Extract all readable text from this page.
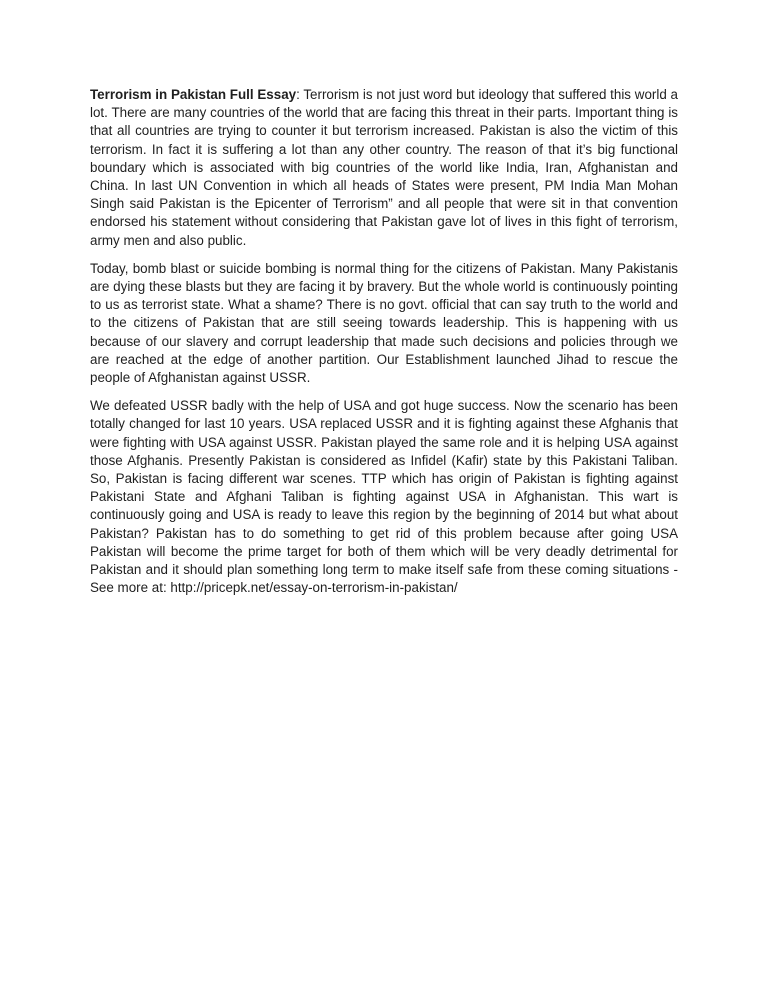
Terrorism in Pakistan Full Essay: Terrorism is not just word but ideology that suffered this world a lot. There are many countries of the world that are facing this threat in their parts. Important thing is that all countries are trying to counter it but terrorism increased. Pakistan is also the victim of this terrorism. In fact it is suffering a lot than any other country. The reason of that it’s big functional boundary which is associated with big countries of the world like India, Iran, Afghanistan and China. In last UN Convention in which all heads of States were present, PM India Man Mohan Singh said Pakistan is the Epicenter of Terrorism” and all people that were sit in that convention endorsed his statement without considering that Pakistan gave lot of lives in this fight of terrorism, army men and also public.

Today, bomb blast or suicide bombing is normal thing for the citizens of Pakistan. Many Pakistanis are dying these blasts but they are facing it by bravery. But the whole world is continuously pointing to us as terrorist state. What a shame? There is no govt. official that can say truth to the world and to the citizens of Pakistan that are still seeing towards leadership. This is happening with us because of our slavery and corrupt leadership that made such decisions and policies through we are reached at the edge of another partition. Our Establishment launched Jihad to rescue the people of Afghanistan against USSR.

We defeated USSR badly with the help of USA and got huge success. Now the scenario has been totally changed for last 10 years. USA replaced USSR and it is fighting against these Afghanis that were fighting with USA against USSR. Pakistan played the same role and it is helping USA against those Afghanis. Presently Pakistan is considered as Infidel (Kafir) state by this Pakistani Taliban. So, Pakistan is facing different war scenes. TTP which has origin of Pakistan is fighting against Pakistani State and Afghani Taliban is fighting against USA in Afghanistan. This wart is continuously going and USA is ready to leave this region by the beginning of 2014 but what about Pakistan? Pakistan has to do something to get rid of this problem because after going USA Pakistan will become the prime target for both of them which will be very deadly detrimental for Pakistan and it should plan something long term to make itself safe from these coming situations - See more at: http://pricepk.net/essay-on-terrorism-in-pakistan/
